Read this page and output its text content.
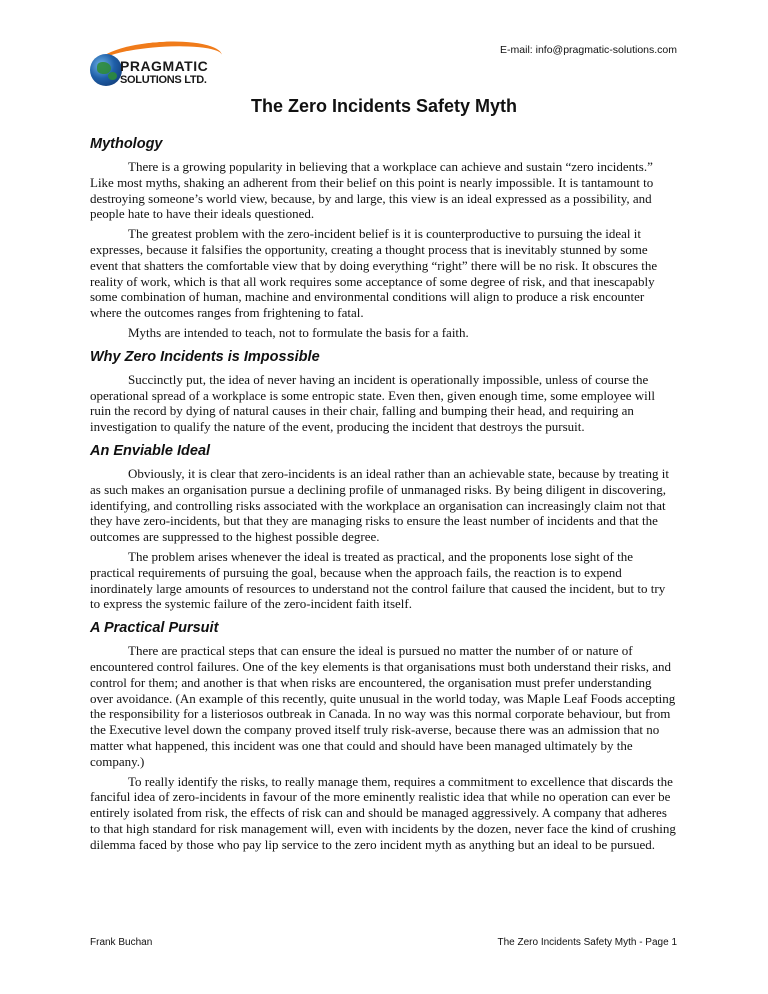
PRAGMATIC
SOLUTIONS LTD.
E-mail: info@pragmatic-solutions.com
The Zero Incidents Safety Myth
Mythology

There is a growing popularity in believing that a workplace can achieve and sustain “zero incidents.” Like most myths, shaking an adherent from their belief on this point is nearly impossible. It is tantamount to destroying someone’s world view, because, by and large, this view is an ideal expressed as a possibility, and people hate to have their ideals questioned.

The greatest problem with the zero-incident belief is it is counterproductive to pursuing the ideal it expresses, because it falsifies the opportunity, creating a thought process that is inevitably stunned by some event that shatters the comfortable view that by doing everything “right” there will be no risk. It obscures the reality of work, which is that all work requires some acceptance of some degree of risk, and that inescapably some combination of human, machine and environmental conditions will align to produce a risk encounter where the outcomes ranges from frightening to fatal.

Myths are intended to teach, not to formulate the basis for a faith.

Why Zero Incidents is Impossible

Succinctly put, the idea of never having an incident is operationally impossible, unless of course the operational spread of a workplace is some entropic state. Even then, given enough time, some employee will ruin the record by dying of natural causes in their chair, falling and bumping their head, and requiring an investigation to qualify the nature of the event, producing the incident that destroys the pursuit.

An Enviable Ideal

Obviously, it is clear that zero-incidents is an ideal rather than an achievable state, because by treating it as such makes an organisation pursue a declining profile of unmanaged risks. By being diligent in discovering, identifying, and controlling risks associated with the workplace an organisation can increasingly claim not that they have zero-incidents, but that they are managing risks to ensure the least number of incidents and that the outcomes are suppressed to the highest possible degree.

The problem arises whenever the ideal is treated as practical, and the proponents lose sight of the practical requirements of pursuing the goal, because when the approach fails, the reaction is to expend inordinately large amounts of resources to understand not the control failure that caused the incident, but to try to express the systemic failure of the zero-incident faith itself.

A Practical Pursuit

There are practical steps that can ensure the ideal is pursued no matter the number of or nature of encountered control failures. One of the key elements is that organisations must both understand their risks, and control for them; and another is that when risks are encountered, the organisation must prefer understanding over avoidance. (An example of this recently, quite unusual in the world today, was Maple Leaf Foods accepting the responsibility for a listeriosos outbreak in Canada. In no way was this normal corporate behaviour, but from the Executive level down the company proved itself truly risk-averse, because there was an admission that no matter what happened, this incident was one that could and should have been managed ultimately by the company.)

To really identify the risks, to really manage them, requires a commitment to excellence that discards the fanciful idea of zero-incidents in favour of the more eminently realistic idea that while no operation can ever be entirely isolated from risk, the effects of risk can and should be managed aggressively. A company that adheres to that high standard for risk management will, even with incidents by the dozen, never face the kind of crushing dilemma faced by those who pay lip service to the zero incident myth as anything but an ideal to be pursued.

Frank Buchan	The Zero Incidents Safety Myth - Page 1
